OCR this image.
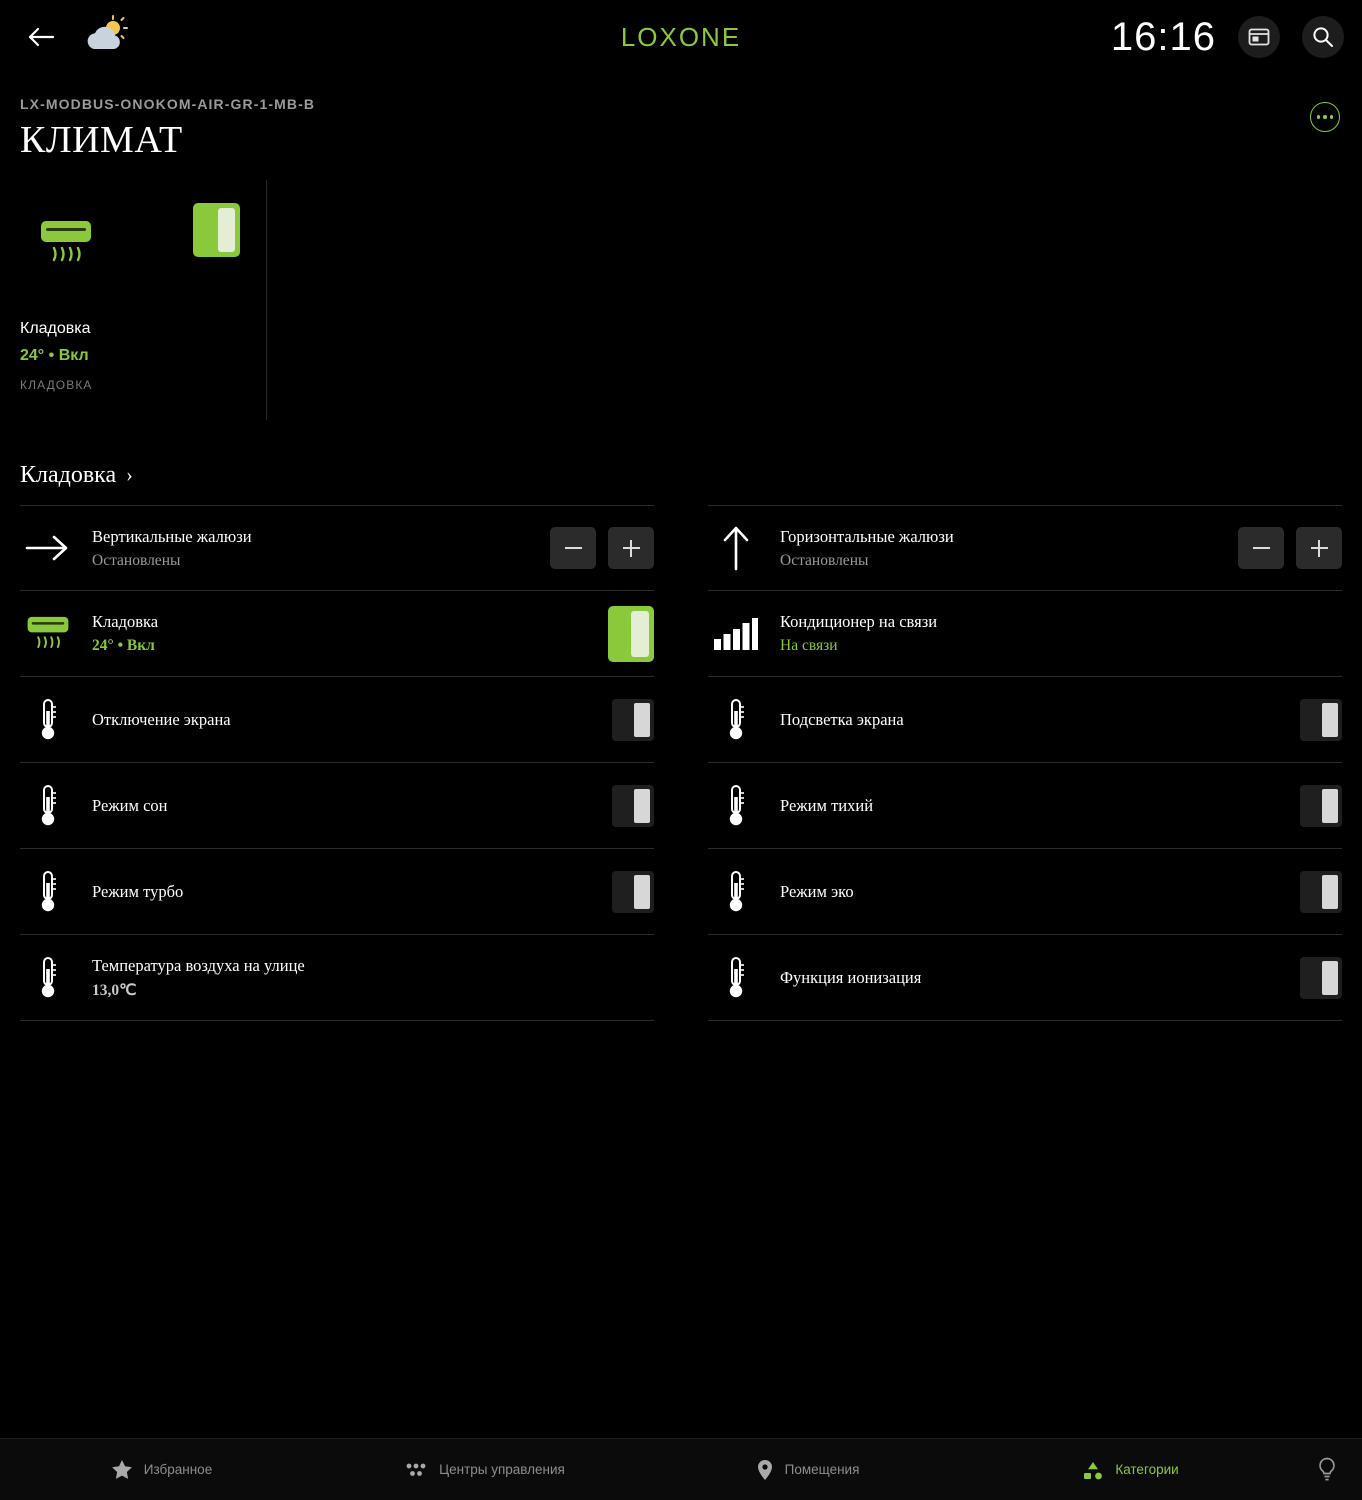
LOXONE	16:16
LX-MODBUS-ONOKOM-AIR-GR-1-MB-B
КЛИМАТ
Кладовка
24° • Вкл
КЛАДОВКА
Кладовка ›
Вертикальные жалюзи
Остановлены
Кладовка
24° • Вкл
Отключение экрана
Режим сон
Режим турбо
Температура воздуха на улице
13,0℃
Горизонтальные жалюзи
Остановлены
Кондиционер на связи
На связи
Подсветка экрана
Режим тихий
Режим эко
Функция ионизация
Избранное	Центры управления	Помещения	Категории
